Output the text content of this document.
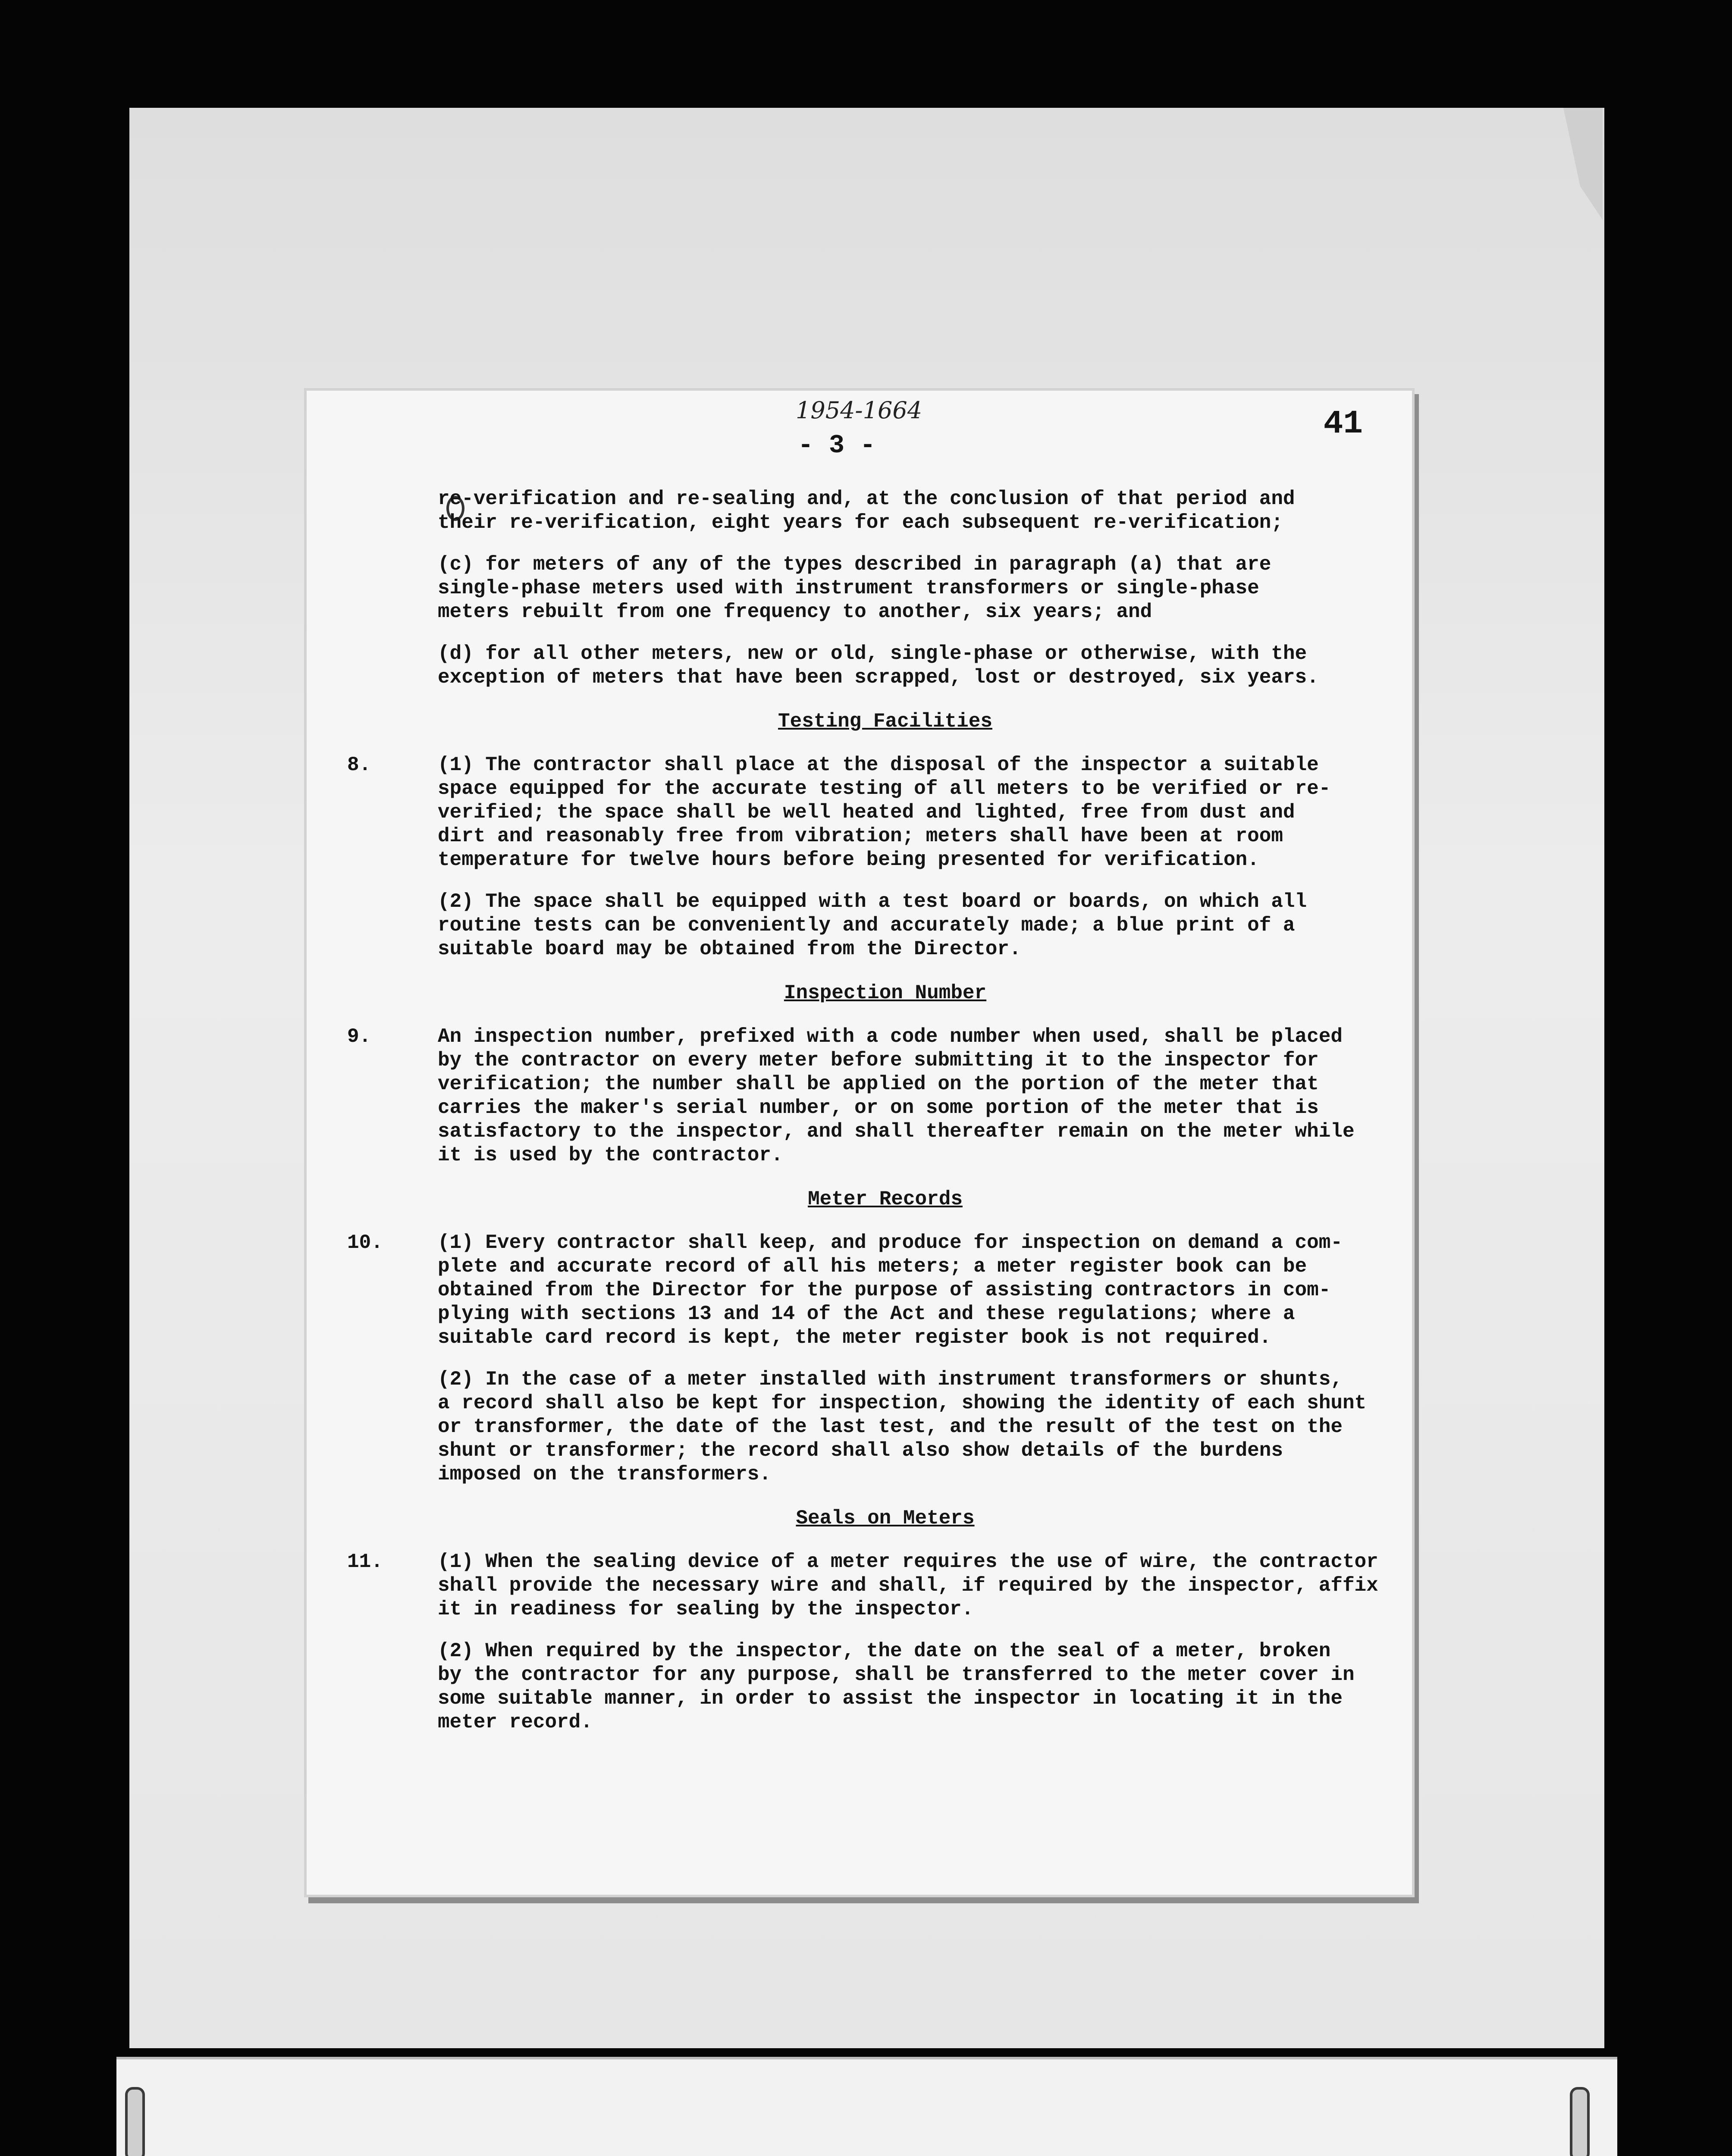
1954-1664
- 3 -
41

re-verification and re-sealing and, at the conclusion of that period and
their re-verification, eight years for each subsequent re-verification;

(c) for meters of any of the types described in paragraph (a) that are
single-phase meters used with instrument transformers or single-phase
meters rebuilt from one frequency to another, six years; and

(d) for all other meters, new or old, single-phase or otherwise, with the
exception of meters that have been scrapped, lost or destroyed, six years.

Testing Facilities

8.	(1) The contractor shall place at the disposal of the inspector a suitable
space equipped for the accurate testing of all meters to be verified or re-
verified; the space shall be well heated and lighted, free from dust and
dirt and reasonably free from vibration; meters shall have been at room
temperature for twelve hours before being presented for verification.

(2) The space shall be equipped with a test board or boards, on which all
routine tests can be conveniently and accurately made; a blue print of a
suitable board may be obtained from the Director.

Inspection Number

9.	An inspection number, prefixed with a code number when used, shall be placed
by the contractor on every meter before submitting it to the inspector for
verification; the number shall be applied on the portion of the meter that
carries the maker's serial number, or on some portion of the meter that is
satisfactory to the inspector, and shall thereafter remain on the meter while
it is used by the contractor.

Meter Records

10.	(1) Every contractor shall keep, and produce for inspection on demand a com-
plete and accurate record of all his meters; a meter register book can be
obtained from the Director for the purpose of assisting contractors in com-
plying with sections 13 and 14 of the Act and these regulations; where a
suitable card record is kept, the meter register book is not required.

(2) In the case of a meter installed with instrument transformers or shunts,
a record shall also be kept for inspection, showing the identity of each shunt
or transformer, the date of the last test, and the result of the test on the
shunt or transformer; the record shall also show details of the burdens
imposed on the transformers.

Seals on Meters

11.	(1) When the sealing device of a meter requires the use of wire, the contractor
shall provide the necessary wire and shall, if required by the inspector, affix
it in readiness for sealing by the inspector.

(2) When required by the inspector, the date on the seal of a meter, broken
by the contractor for any purpose, shall be transferred to the meter cover in
some suitable manner, in order to assist the inspector in locating it in the
meter record.
